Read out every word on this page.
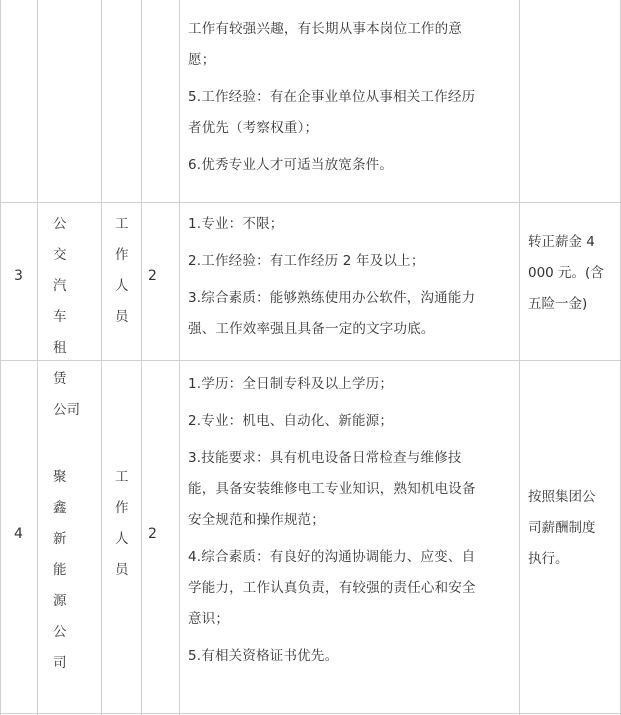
工作有较强兴趣，有长期从事本岗位工作的意

愿；

5.工作经验：有在企事业单位从事相关工作经历

者优先（考察权重）；

6.优秀专业人才可适当放宽条件。

3
公
交
汽
车
租
赁
公司
工
作
人
员
2

1.专业：不限；

2.工作经验：有工作经历 2 年及以上；

3.综合素质：能够熟练使用办公软件，沟通能力

强、工作效率强且具备一定的文字功底。

转正薪金 4

000 元。(含

五险一金)

4
聚
鑫
新
能
源
公
司
工
作
人
员
2

1.学历：全日制专科及以上学历；

2.专业：机电、自动化、新能源；

3.技能要求：具有机电设备日常检查与维修技

能，具备安装维修电工专业知识，熟知机电设备

安全规范和操作规范；

4.综合素质：有良好的沟通协调能力、应变、自

学能力，工作认真负责，有较强的责任心和安全

意识；

5.有相关资格证书优先。

按照集团公

司薪酬制度

执行。
